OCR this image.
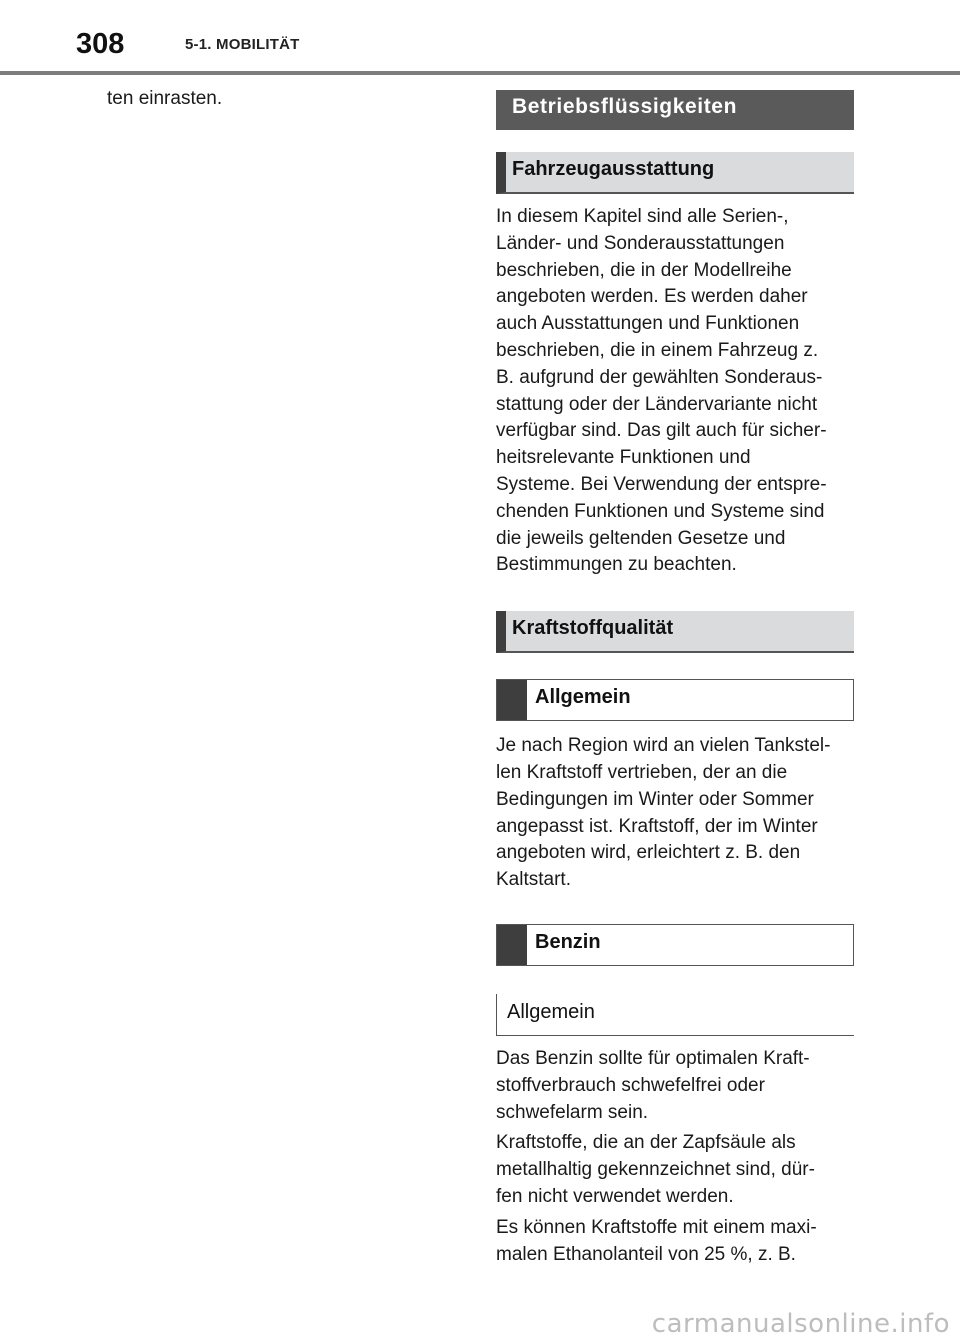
308	5-1. MOBILITÄT

ten einrasten.	Betriebsflüssigkeiten
Fahrzeugausstattung

In diesem Kapitel sind alle Serien-,

Länder- und Sonderausstattungen

beschrieben, die in der Modellreihe

angeboten werden. Es werden daher

auch Ausstattungen und Funktionen

beschrieben, die in einem Fahrzeug z.

B. aufgrund der gewählten Sonderaus-

stattung oder der Ländervariante nicht

verfügbar sind. Das gilt auch für sicher-

heitsrelevante Funktionen und

Systeme. Bei Verwendung der entspre-

chenden Funktionen und Systeme sind

die jeweils geltenden Gesetze und

Bestimmungen zu beachten.

Kraftstoffqualität
Allgemein

Je nach Region wird an vielen Tankstel-

len Kraftstoff vertrieben, der an die

Bedingungen im Winter oder Sommer

angepasst ist. Kraftstoff, der im Winter

angeboten wird, erleichtert z. B. den

Kaltstart.

Benzin
Allgemein

Das Benzin sollte für optimalen Kraft-

stoffverbrauch schwefelfrei oder

schwefelarm sein.

Kraftstoffe, die an der Zapfsäule als

metallhaltig gekennzeichnet sind, dür-

fen nicht verwendet werden.

Es können Kraftstoffe mit einem maxi-

malen Ethanolanteil von 25 %, z. B.

carmanualsonline.info
